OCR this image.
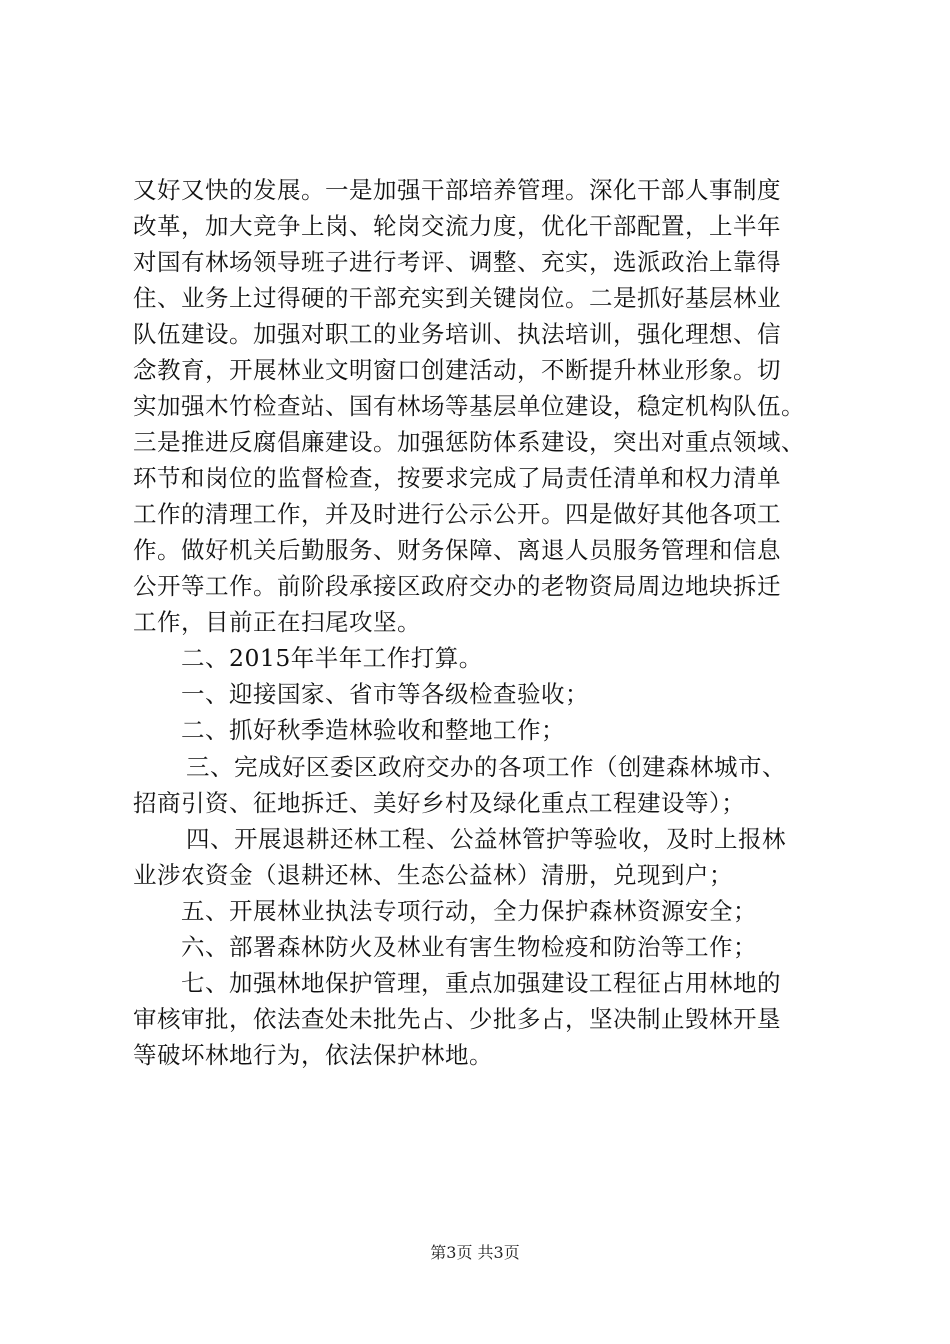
又好又快的发展。一是加强干部培养管理。深化干部人事制度
改革，加大竞争上岗、轮岗交流力度，优化干部配置，上半年
对国有林场领导班子进行考评、调整、充实，选派政治上靠得
住、业务上过得硬的干部充实到关键岗位。二是抓好基层林业
队伍建设。加强对职工的业务培训、执法培训，强化理想、信
念教育，开展林业文明窗口创建活动，不断提升林业形象。切
实加强木竹检查站、国有林场等基层单位建设，稳定机构队伍。
三是推进反腐倡廉建设。加强惩防体系建设，突出对重点领域、
环节和岗位的监督检查，按要求完成了局责任清单和权力清单
工作的清理工作，并及时进行公示公开。四是做好其他各项工
作。做好机关后勤服务、财务保障、离退人员服务管理和信息
公开等工作。前阶段承接区政府交办的老物资局周边地块拆迁
工作，目前正在扫尾攻坚。
二、2015年半年工作打算。
一、迎接国家、省市等各级检查验收；
二、抓好秋季造林验收和整地工作；
三、完成好区委区政府交办的各项工作（创建森林城市、
招商引资、征地拆迁、美好乡村及绿化重点工程建设等）；
四、开展退耕还林工程、公益林管护等验收，及时上报林
业涉农资金（退耕还林、生态公益林）清册，兑现到户；
五、开展林业执法专项行动，全力保护森林资源安全；
六、部署森林防火及林业有害生物检疫和防治等工作；
七、加强林地保护管理，重点加强建设工程征占用林地的
审核审批，依法查处未批先占、少批多占，坚决制止毁林开垦
等破坏林地行为，依法保护林地。
第3页 共3页
